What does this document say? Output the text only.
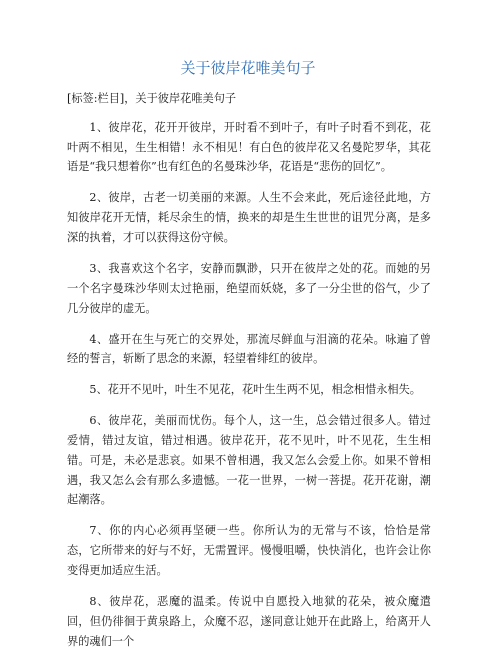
关于彼岸花唯美句子

[标签:栏目]，关于彼岸花唯美句子

1、彼岸花，花开开彼岸，开时看不到叶子，有叶子时看不到花，花叶两不相见，生生相错！永不相见！有白色的彼岸花又名曼陀罗华，其花语是“我只想着你”也有红色的名曼珠沙华，花语是“悲伤的回忆”。

2、彼岸，古老一切美丽的来源。人生不会来此，死后途径此地，方知彼岸花开无情，耗尽余生的情，换来的却是生生世世的诅咒分离，是多深的执着，才可以获得这份守候。

3、我喜欢这个名字，安静而飘渺，只开在彼岸之处的花。而她的另一个名字曼珠沙华则太过艳丽，绝望而妖娆，多了一分尘世的俗气，少了几分彼岸的虚无。

4、盛开在生与死亡的交界处，那流尽鲜血与泪滴的花朵。咏遍了曾经的誓言，斩断了思念的来源，轻望着绯红的彼岸。

5、花开不见叶，叶生不见花，花叶生生两不见，相念相惜永相失。

6、彼岸花，美丽而忧伤。每个人，这一生，总会错过很多人。错过爱情，错过友谊，错过相遇。彼岸花开，花不见叶，叶不见花，生生相错。可是，未必是悲哀。如果不曾相遇，我又怎么会爱上你。如果不曾相遇，我又怎么会有那么多遗憾。一花一世界，一树一菩提。花开花谢，潮起潮落。

7、你的内心必须再坚硬一些。你所认为的无常与不该，恰恰是常态，它所带来的好与不好，无需置评。慢慢咀嚼，快快消化，也许会让你变得更加适应生活。

8、彼岸花，恶魔的温柔。传说中自愿投入地狱的花朵，被众魔遣回，但仍徘徊于黄泉路上，众魔不忍，遂同意让她开在此路上，给离开人界的魂们一个
